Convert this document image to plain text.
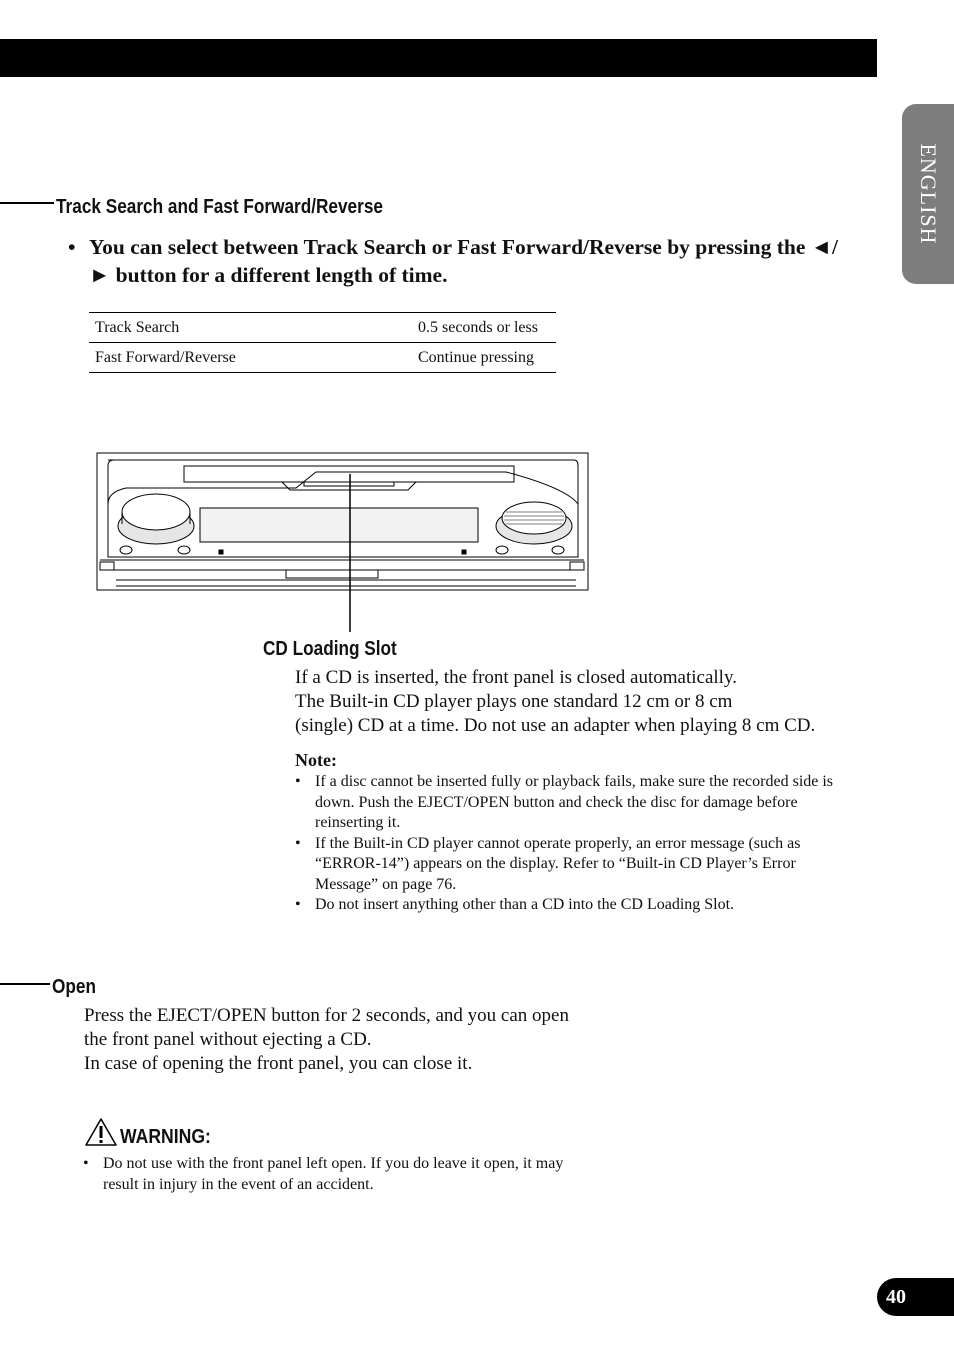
ENGLISH
Track Search and Fast Forward/Reverse
• You can select between Track Search or Fast Forward/Reverse by pressing the ◄/► button for a different length of time.
Track Search	0.5 seconds or less
Fast Forward/Reverse	Continue pressing
CD Loading Slot
If a CD is inserted, the front panel is closed automatically.
The Built-in CD player plays one standard 12 cm or 8 cm
(single) CD at a time. Do not use an adapter when playing 8 cm CD.
Note:
• If a disc cannot be inserted fully or playback fails, make sure the recorded side is down. Push the EJECT/OPEN button and check the disc for damage before reinserting it.
• If the Built-in CD player cannot operate properly, an error message (such as “ERROR-14”) appears on the display. Refer to “Built-in CD Player’s Error Message” on page 76.
• Do not insert anything other than a CD into the CD Loading Slot.
Open
Press the EJECT/OPEN button for 2 seconds, and you can open
the front panel without ejecting a CD.
In case of opening the front panel, you can close it.
WARNING:
• Do not use with the front panel left open. If you do leave it open, it may result in injury in the event of an accident.
40
